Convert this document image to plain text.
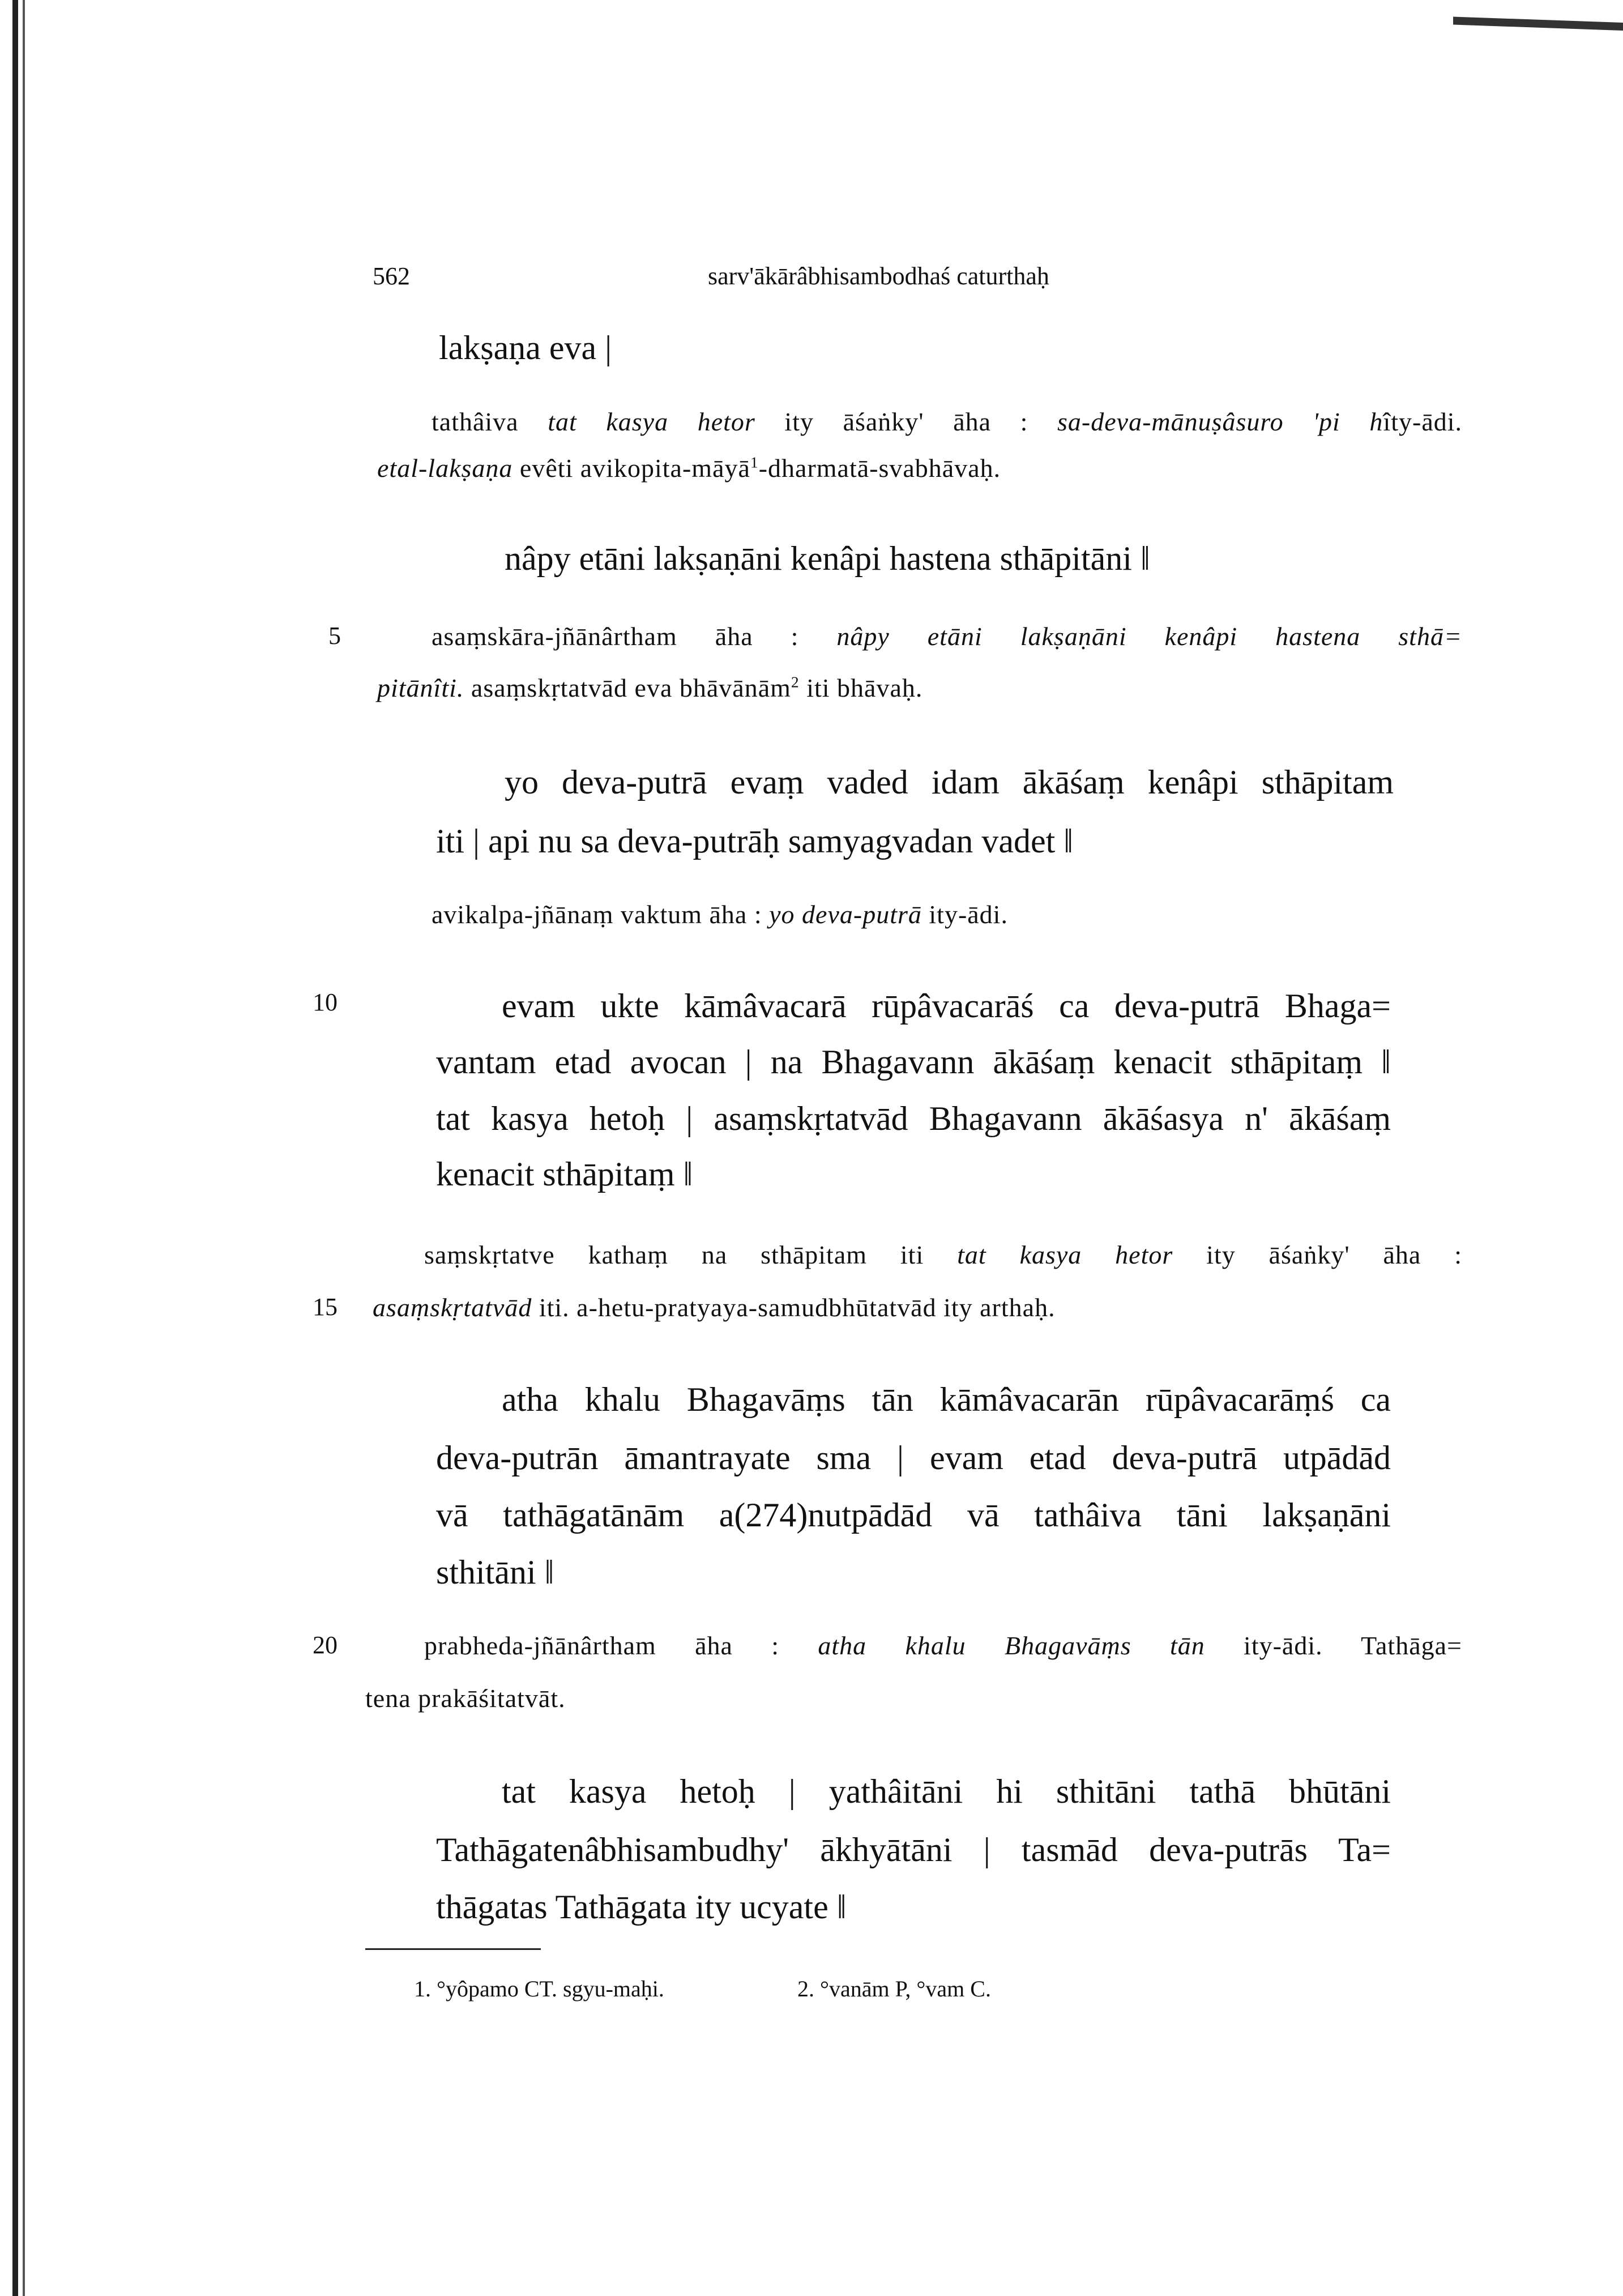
562	sarv'ākārâbhisambodhaś caturthaḥ
5
10
15
20
lakṣaṇa eva |
tathâiva tat kasya hetor ity āśaṅky' āha : sa-deva-mānuṣâsuro 'pi hîty-ādi.
etal-lakṣaṇa evêti avikopita-māyā$^1$-dharmatā-svabhāvaḥ.
nâpy etāni lakṣaṇāni kenâpi hastena sthāpitāni ‖
asaṃskāra-jñānârtham āha : nâpy etāni lakṣaṇāni kenâpi hastena sthā=
pitānîti. asaṃskṛtatvād eva bhāvānām$^2$ iti bhāvaḥ.
yo deva-putrā evaṃ vaded idam ākāśaṃ kenâpi sthāpitam
iti | api nu sa deva-putrāḥ samyagvadan vadet ‖
avikalpa-jñānaṃ vaktum āha : yo deva-putrā ity-ādi.
evam ukte kāmâvacarā rūpâvacarāś ca deva-putrā Bhaga=
vantam etad avocan | na Bhagavann ākāśaṃ kenacit sthāpitaṃ ‖
tat kasya hetoḥ | asaṃskṛtatvād Bhagavann ākāśasya n' ākāśaṃ
kenacit sthāpitaṃ ‖
saṃskṛtatve kathaṃ na sthāpitam iti tat kasya hetor ity āśaṅky' āha :
asaṃskṛtatvād iti. a-hetu-pratyaya-samudbhūtatvād ity arthaḥ.
atha khalu Bhagavāṃs tān kāmâvacarān rūpâvacarāṃś ca
deva-putrān āmantrayate sma | evam etad deva-putrā utpādād
vā tathāgatānām a(274)nutpādād vā tathâiva tāni lakṣaṇāni
sthitāni ‖
prabheda-jñānârtham āha : atha khalu Bhagavāṃs tān ity-ādi. Tathāga=
tena prakāśitatvāt.
tat kasya hetoḥ | yathâitāni hi sthitāni tathā bhūtāni
Tathāgatenâbhisambudhy' ākhyātāni | tasmād deva-putrās Ta=
thāgatas Tathāgata ity ucyate ‖
1. °yôpamo CT. sgyu-maḥi.	2. °vanām P, °vam C.
